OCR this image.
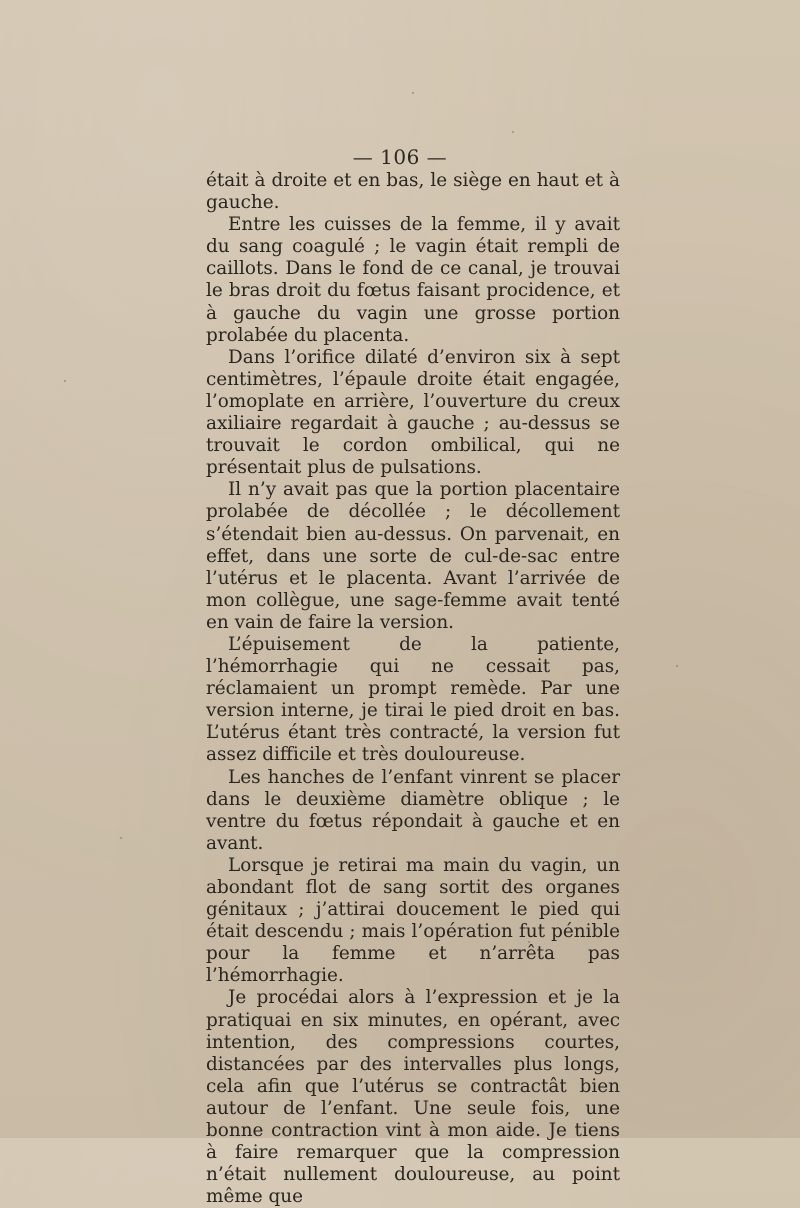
— 106 —

était à droite et en bas, le siège en haut et à gauche.

Entre les cuisses de la femme, il y avait du sang coagulé ; le vagin était rempli de caillots. Dans le fond de ce canal, je trouvai le bras droit du fœtus faisant procidence, et à gauche du vagin une grosse portion prolabée du placenta.

Dans l’orifice dilaté d’environ six à sept centimètres, l’épaule droite était engagée, l’omoplate en arrière, l’ouverture du creux axiliaire regardait à gauche ; au-dessus se trouvait le cordon ombilical, qui ne présentait plus de pulsations.

Il n’y avait pas que la portion placentaire prolabée de décollée ; le décollement s’étendait bien au-dessus. On parvenait, en effet, dans une sorte de cul-de-sac entre l’utérus et le placenta. Avant l’arrivée de mon collègue, une sage-femme avait tenté en vain de faire la version.

L’épuisement de la patiente, l’hémorrhagie qui ne cessait pas, réclamaient un prompt remède. Par une version interne, je tirai le pied droit en bas. L’utérus étant très contracté, la version fut assez difficile et très douloureuse.

Les hanches de l’enfant vinrent se placer dans le deuxième diamètre oblique ; le ventre du fœtus répondait à gauche et en avant.

Lorsque je retirai ma main du vagin, un abondant flot de sang sortit des organes génitaux ; j’attirai doucement le pied qui était descendu ; mais l’opération fut pénible pour la femme et n’arrêta pas l’hémorrhagie.

Je procédai alors à l’expression et je la pratiquai en six minutes, en opérant, avec intention, des compressions courtes, distancées par des intervalles plus longs, cela afin que l’utérus se contractât bien autour de l’enfant. Une seule fois, une bonne contraction vint à mon aide. Je tiens à faire remarquer que la compression n’était nullement douloureuse, au point même que
